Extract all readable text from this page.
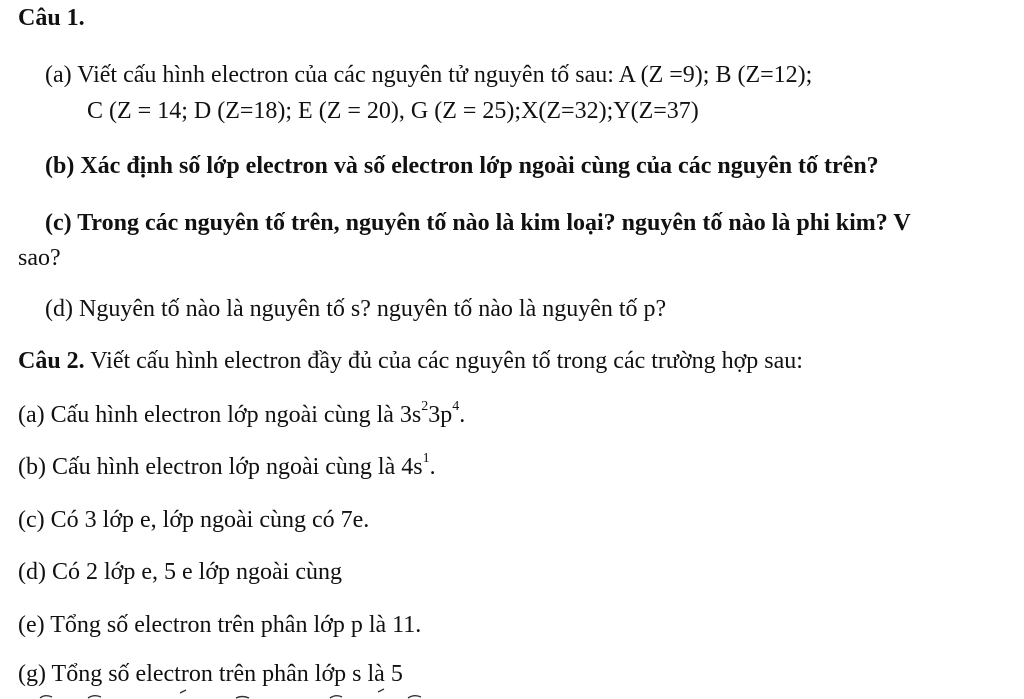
Câu 1.
(a) Viết cấu hình electron của các nguyên tử nguyên tố sau: A (Z =9); B (Z=12);
C (Z = 14; D (Z=18); E (Z = 20), G (Z = 25);X(Z=32);Y(Z=37)
(b) Xác định số lớp electron và số electron lớp ngoài cùng của các nguyên tố trên?
(c) Trong các nguyên tố trên, nguyên tố nào là kim loại? nguyên tố nào là phi kim? V
sao?
(d) Nguyên tố nào là nguyên tố s? nguyên tố nào là nguyên tố p?
Câu 2. Viết cấu hình electron đầy đủ của các nguyên tố trong các trường hợp sau:
(a) Cấu hình electron lớp ngoài cùng là $3s^23p^4$.
(b) Cấu hình electron lớp ngoài cùng là $4s^1$.
(c) Có 3 lớp e, lớp ngoài cùng có 7e.
(d) Có 2 lớp e, 5 e lớp ngoài cùng
(e) Tổng số electron trên phân lớp p là 11.
(g) Tổng số electron trên phân lớp s là 5
